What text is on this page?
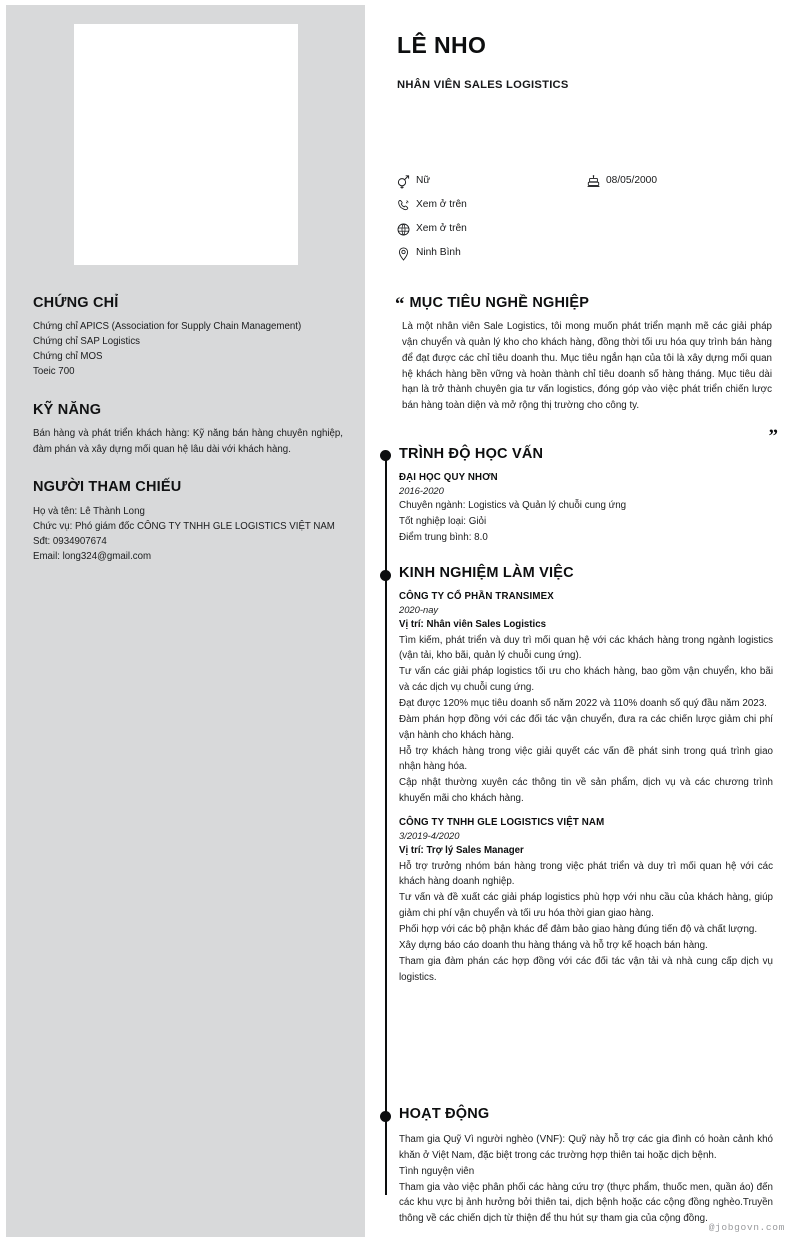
CHỨNG CHỈ
Chứng chỉ APICS (Association for Supply Chain Management)
Chứng chỉ SAP Logistics
Chứng chỉ MOS
Toeic 700
KỸ NĂNG
Bán hàng và phát triển khách hàng: Kỹ năng bán hàng chuyên nghiệp, đàm phán và xây dựng mối quan hệ lâu dài với khách hàng.
NGƯỜI THAM CHIẾU
Họ và tên: Lê Thành Long
Chức vụ: Phó giám đốc CÔNG TY TNHH GLE LOGISTICS VIỆT NAM
Sđt: 0934907674
Email: long324@gmail.com
LÊ NHO
NHÂN VIÊN SALES LOGISTICS
Nữ	08/05/2000
Xem ở trên
Xem ở trên
Ninh Bình
“ MỤC TIÊU NGHỀ NGHIỆP
Là một nhân viên Sale Logistics, tôi mong muốn phát triển mạnh mẽ các giải pháp vận chuyển và quản lý kho cho khách hàng, đồng thời tối ưu hóa quy trình bán hàng để đạt được các chỉ tiêu doanh thu. Mục tiêu ngắn hạn của tôi là xây dựng mối quan hệ khách hàng bền vững và hoàn thành chỉ tiêu doanh số hàng tháng. Mục tiêu dài hạn là trở thành chuyên gia tư vấn logistics, đóng góp vào việc phát triển chiến lược bán hàng toàn diện và mở rộng thị trường cho công ty.
”
TRÌNH ĐỘ HỌC VẤN
ĐẠI HỌC QUY NHƠN
2016-2020
Chuyên ngành: Logistics và Quản lý chuỗi cung ứng
Tốt nghiệp loại: Giỏi
Điểm trung bình: 8.0
KINH NGHIỆM LÀM VIỆC
CÔNG TY CỔ PHẦN TRANSIMEX
2020-nay
Vị trí: Nhân viên Sales Logistics
Tìm kiếm, phát triển và duy trì mối quan hệ với các khách hàng trong ngành logistics (vận tải, kho bãi, quản lý chuỗi cung ứng).
Tư vấn các giải pháp logistics tối ưu cho khách hàng, bao gồm vận chuyển, kho bãi và các dịch vụ chuỗi cung ứng.
Đạt được 120% mục tiêu doanh số năm 2022 và 110% doanh số quý đầu năm 2023.
Đàm phán hợp đồng với các đối tác vận chuyển, đưa ra các chiến lược giảm chi phí vận hành cho khách hàng.
Hỗ trợ khách hàng trong việc giải quyết các vấn đề phát sinh trong quá trình giao nhận hàng hóa.
Cập nhật thường xuyên các thông tin về sản phẩm, dịch vụ và các chương trình khuyến mãi cho khách hàng.
CÔNG TY TNHH GLE LOGISTICS VIỆT NAM
3/2019-4/2020
Vị trí: Trợ lý Sales Manager
Hỗ trợ trưởng nhóm bán hàng trong việc phát triển và duy trì mối quan hệ với các khách hàng doanh nghiệp.
Tư vấn và đề xuất các giải pháp logistics phù hợp với nhu cầu của khách hàng, giúp giảm chi phí vận chuyển và tối ưu hóa thời gian giao hàng.
Phối hợp với các bộ phận khác để đảm bảo giao hàng đúng tiến độ và chất lượng.
Xây dựng báo cáo doanh thu hàng tháng và hỗ trợ kế hoạch bán hàng.
Tham gia đàm phán các hợp đồng với các đối tác vận tải và nhà cung cấp dịch vụ logistics.
HOẠT ĐỘNG
Tham gia Quỹ Vì người nghèo (VNF): Quỹ này hỗ trợ các gia đình có hoàn cảnh khó khăn ở Việt Nam, đặc biệt trong các trường hợp thiên tai hoặc dịch bệnh.
Tình nguyện viên
Tham gia vào việc phân phối các hàng cứu trợ (thực phẩm, thuốc men, quần áo) đến các khu vực bị ảnh hưởng bởi thiên tai, dịch bệnh hoặc các cộng đồng nghèo.Truyền thông về các chiến dịch từ thiện để thu hút sự tham gia của cộng đồng.
@jobgovn.com
